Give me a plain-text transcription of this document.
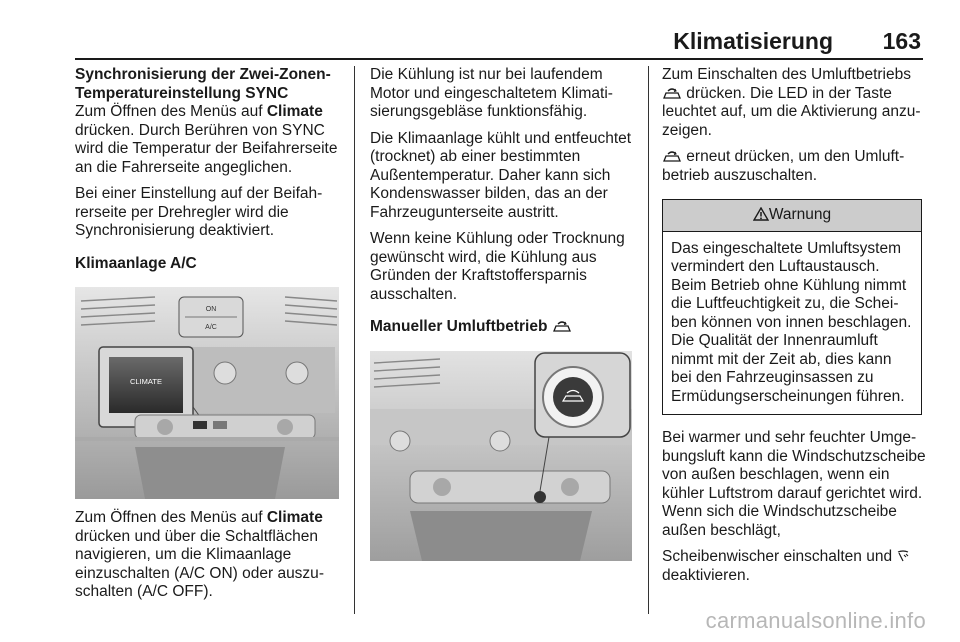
Klimatisierung 163

Synchronisierung der Zwei-Zonen-Temperatureinstellung SYNC

Zum Öffnen des Menüs auf Climate drücken. Durch Berühren von SYNC wird die Temperatur der Beifahrerseite an die Fahrerseite angeglichen.

Bei einer Einstellung auf der Beifahrerseite per Drehregler wird die Synchronisierung deaktiviert.

Klimaanlage A/C

ON
A/C
CLIMATE

Zum Öffnen des Menüs auf Climate drücken und über die Schaltflächen navigieren, um die Klimaanlage einzuschalten (A/C ON) oder auszuschalten (A/C OFF).

Die Kühlung ist nur bei laufendem Motor und eingeschaltetem Klimatisierungsgebläse funktionsfähig.

Die Klimaanlage kühlt und entfeuchtet (trocknet) ab einer bestimmten Außentemperatur. Daher kann sich Kondenswasser bilden, das an der Fahrzeugunterseite austritt.

Wenn keine Kühlung oder Trocknung gewünscht wird, die Kühlung aus Gründen der Kraftstoffersparnis ausschalten.

Manueller Umluftbetrieb

Zum Einschalten des Umluftbetriebs
drücken. Die LED in der Taste leuchtet auf, um die Aktivierung anzuzeigen.

erneut drücken, um den Umluftbetrieb auszuschalten.

Warnung
Das eingeschaltete Umluftsystem vermindert den Luftaustausch. Beim Betrieb ohne Kühlung nimmt die Luftfeuchtigkeit zu, die Scheiben können von innen beschlagen. Die Qualität der Innenraumluft nimmt mit der Zeit ab, dies kann bei den Fahrzeuginsassen zu Ermüdungserscheinungen führen.

Bei warmer und sehr feuchter Umgebungsluft kann die Windschutzscheibe von außen beschlagen, wenn ein kühler Luftstrom darauf gerichtet wird. Wenn sich die Windschutzscheibe außen beschlägt,

Scheibenwischer einschalten und
deaktivieren.

carmanualsonline.info
